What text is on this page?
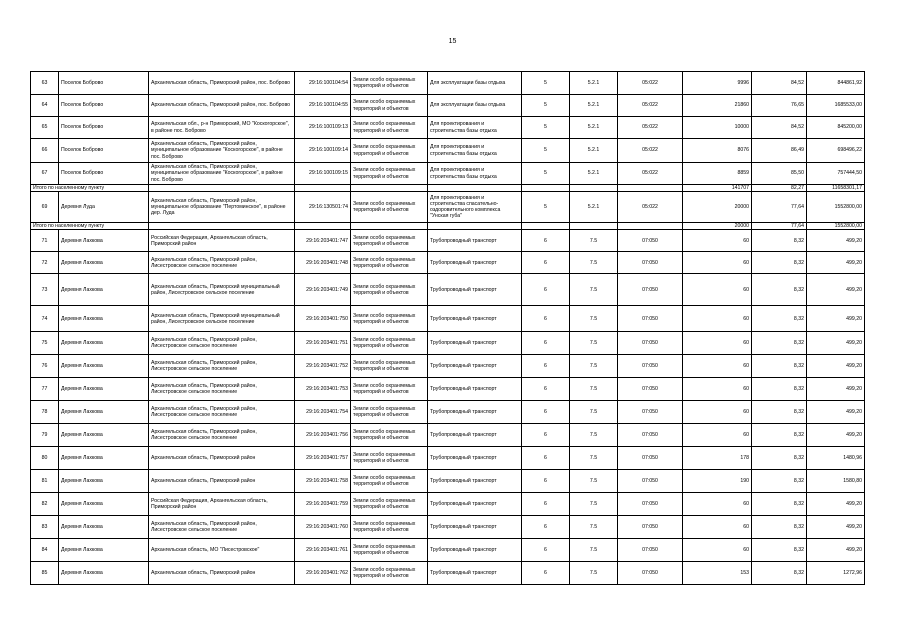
15
63	Поселок Боброво	Архангельская область, Приморский район, пос. Боброво	29:16:100104:54	Земли особо охраняемых территорий и объектов	Для эксплуатации базы отдыха	5	5.2.1	05:022	9996	84,52	844861,92
64	Поселок Боброво	Архангельская область, Приморский район, пос. Боброво	29:16:100104:55	Земли особо охраняемых территорий и объектов	Для эксплуатации базы отдыха	5	5.2.1	05:022	21860	76,65	1685533,00
65	Поселок Боброво	Архангельская обл., р-н Приморский, МО "Коскогорское", в районе пос. Боброво	29:16:100109:13	Земли особо охраняемых территорий и объектов	Для проектирования и строительства базы отдыха	5	5.2.1	05:022	10000	84,52	845200,00
66	Поселок Боброво	Архангельская область, Приморский район, муниципальное образование "Коскогорское", в районе пос. Боброво	29:16:100109:14	Земли особо охраняемых территорий и объектов	Для проектирования и строительства базы отдыха	5	5.2.1	05:022	8076	86,49	698496,22
67	Поселок Боброво	Архангельская область, Приморский район, муниципальное образование "Коскогорское", в районе пос. Боброво	29:16:100109:15	Земли особо охраняемых территорий и объектов	Для проектирования и строительства базы отдыха	5	5.2.1	05:022	8859	85,50	757444,50
Итого по населенному пункту									141707	82,27	11658301,17
69	Деревня Луда	Архангельская область, Приморский район, муниципальное образование "Пертоминское", в районе дер. Луда	29:16:130501:74	Земли особо охраняемых территорий и объектов	Для проектирования и строительства спасательно-оздоровительного комплекса "Унская губа"	5	5.2.1	05:022	20000	77,64	1552800,00
Итого по населенному пункту									20000	77,64	1552800,00
71	Деревня Лахкова	Российская Федерация, Архангельская область, Приморский район	29:16:203401:747	Земли особо охраняемых территорий и объектов	Трубопроводный транспорт	6	7.5	07:050	60	8,32	499,20
72	Деревня Лахкова	Архангельская область, Приморский район, Лисестровское сельское поселение	29:16:203401:748	Земли особо охраняемых территорий и объектов	Трубопроводный транспорт	6	7.5	07:050	60	8,32	499,20
73	Деревня Лахкова	Архангельская область, Приморский муниципальный район, Лисестровское сельское поселение	29:16:203401:749	Земли особо охраняемых территорий и объектов	Трубопроводный транспорт	6	7.5	07:050	60	8,32	499,20
74	Деревня Лахкова	Архангельская область, Приморский муниципальный район, Лисестровское сельское поселение	29:16:203401:750	Земли особо охраняемых территорий и объектов	Трубопроводный транспорт	6	7.5	07:050	60	8,32	499,20
75	Деревня Лахкова	Архангельская область, Приморский район, Лисестровское сельское поселение	29:16:203401:751	Земли особо охраняемых территорий и объектов	Трубопроводный транспорт	6	7.5	07:050	60	8,32	499,20
76	Деревня Лахкова	Архангельская область, Приморский район, Лисестровское сельское поселение	29:16:203401:752	Земли особо охраняемых территорий и объектов	Трубопроводный транспорт	6	7.5	07:050	60	8,32	499,20
77	Деревня Лахкова	Архангельская область, Приморский район, Лисестровское сельское поселение	29:16:203401:753	Земли особо охраняемых территорий и объектов	Трубопроводный транспорт	6	7.5	07:050	60	8,32	499,20
78	Деревня Лахкова	Архангельская область, Приморский район, Лисестровское сельское поселение	29:16:203401:754	Земли особо охраняемых территорий и объектов	Трубопроводный транспорт	6	7.5	07:050	60	8,32	499,20
79	Деревня Лахкова	Архангельская область, Приморский район, Лисестровское сельское поселение	29:16:203401:756	Земли особо охраняемых территорий и объектов	Трубопроводный транспорт	6	7.5	07:050	60	8,32	499,20
80	Деревня Лахкова	Архангельская область, Приморский район	29:16:203401:757	Земли особо охраняемых территорий и объектов	Трубопроводный транспорт	6	7.5	07:050	178	8,32	1480,96
81	Деревня Лахкова	Архангельская область, Приморский район	29:16:203401:758	Земли особо охраняемых территорий и объектов	Трубопроводный транспорт	6	7.5	07:050	190	8,32	1580,80
82	Деревня Лахкова	Российская Федерация, Архангельская область, Приморский район	29:16:203401:759	Земли особо охраняемых территорий и объектов	Трубопроводный транспорт	6	7.5	07:050	60	8,32	499,20
83	Деревня Лахкова	Архангельская область, Приморский район, Лисестровское сельское поселение	29:16:203401:760	Земли особо охраняемых территорий и объектов	Трубопроводный транспорт	6	7.5	07:050	60	8,32	499,20
84	Деревня Лахкова	Архангельская область, МО "Лисестровское"	29:16:203401:761	Земли особо охраняемых территорий и объектов	Трубопроводный транспорт	6	7.5	07:050	60	8,32	499,20
85	Деревня Лахкова	Архангельская область, Приморский район	29:16:203401:762	Земли особо охраняемых территорий и объектов	Трубопроводный транспорт	6	7.5	07:050	153	8,32	1272,96
